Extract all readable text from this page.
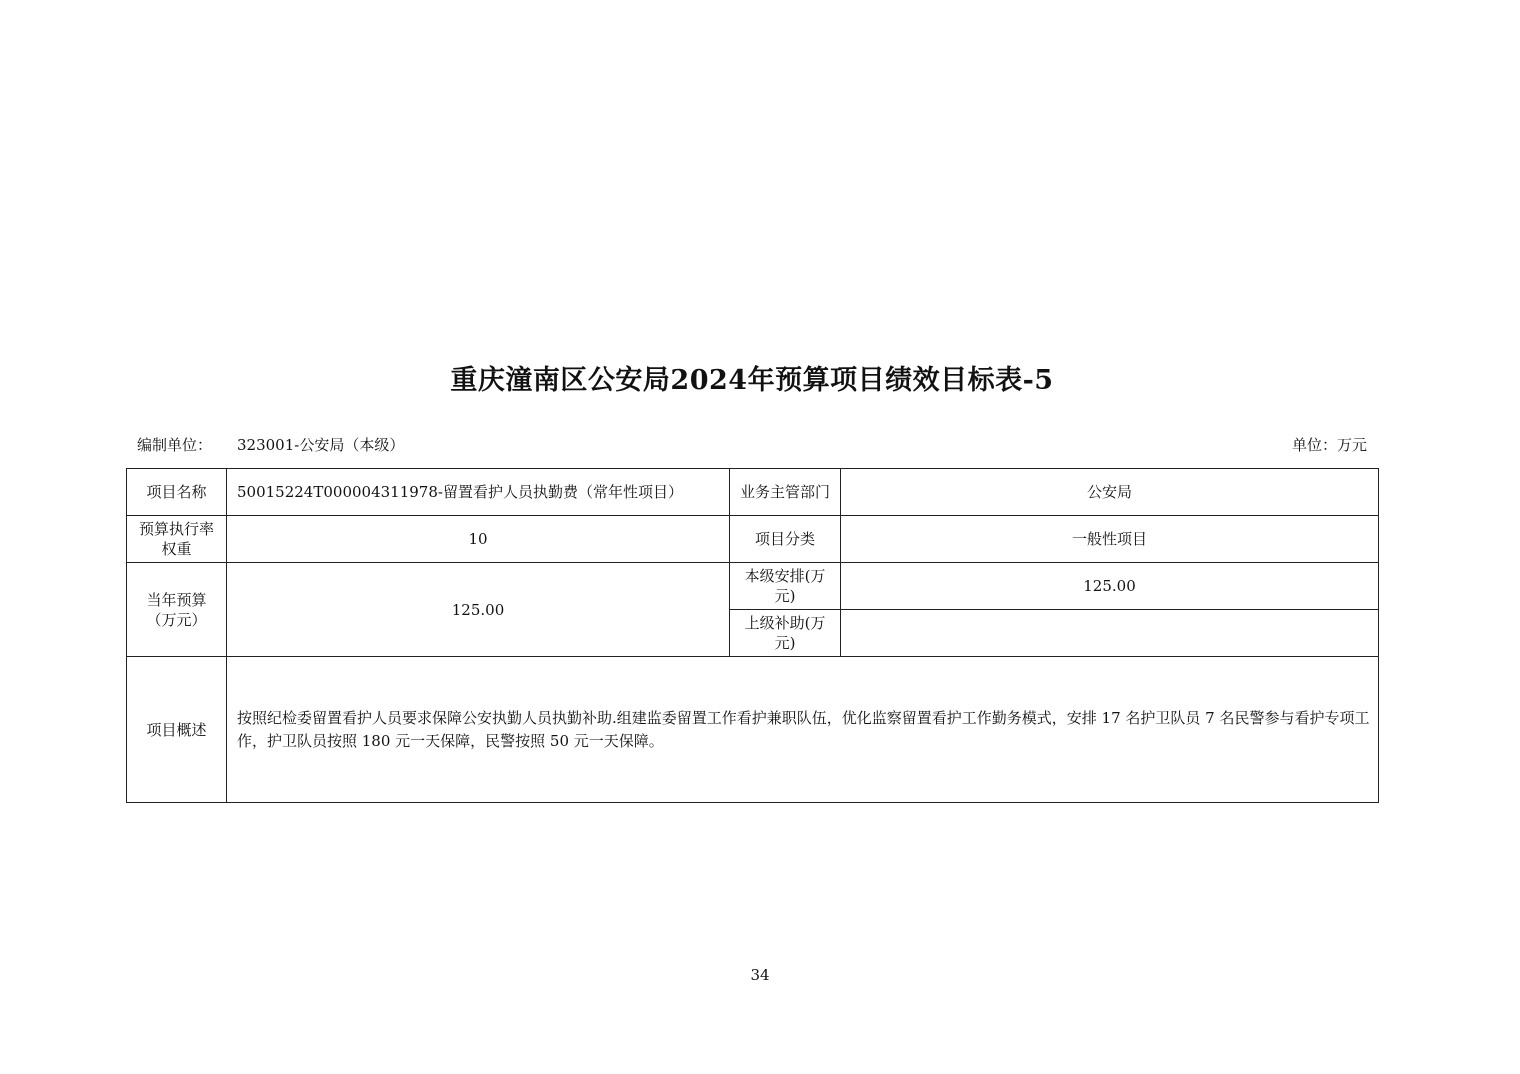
重庆潼南区公安局2024年预算项目绩效目标表-5
编制单位： 323001-公安局（本级）	单位：万元
项目名称	50015224T000004311978-留置看护人员执勤费（常年性项目）	业务主管部门	公安局
预算执行率权重	10	项目分类	一般性项目
当年预算（万元）	125.00	本级安排(万元)	125.00
		上级补助(万元)	
项目概述	按照纪检委留置看护人员要求保障公安执勤人员执勤补助.组建监委留置工作看护兼职队伍，优化监察留置看护工作勤务模式，安排 17 名护卫队员 7 名民警参与看护专项工作，护卫队员按照 180 元一天保障，民警按照 50 元一天保障。		
34
